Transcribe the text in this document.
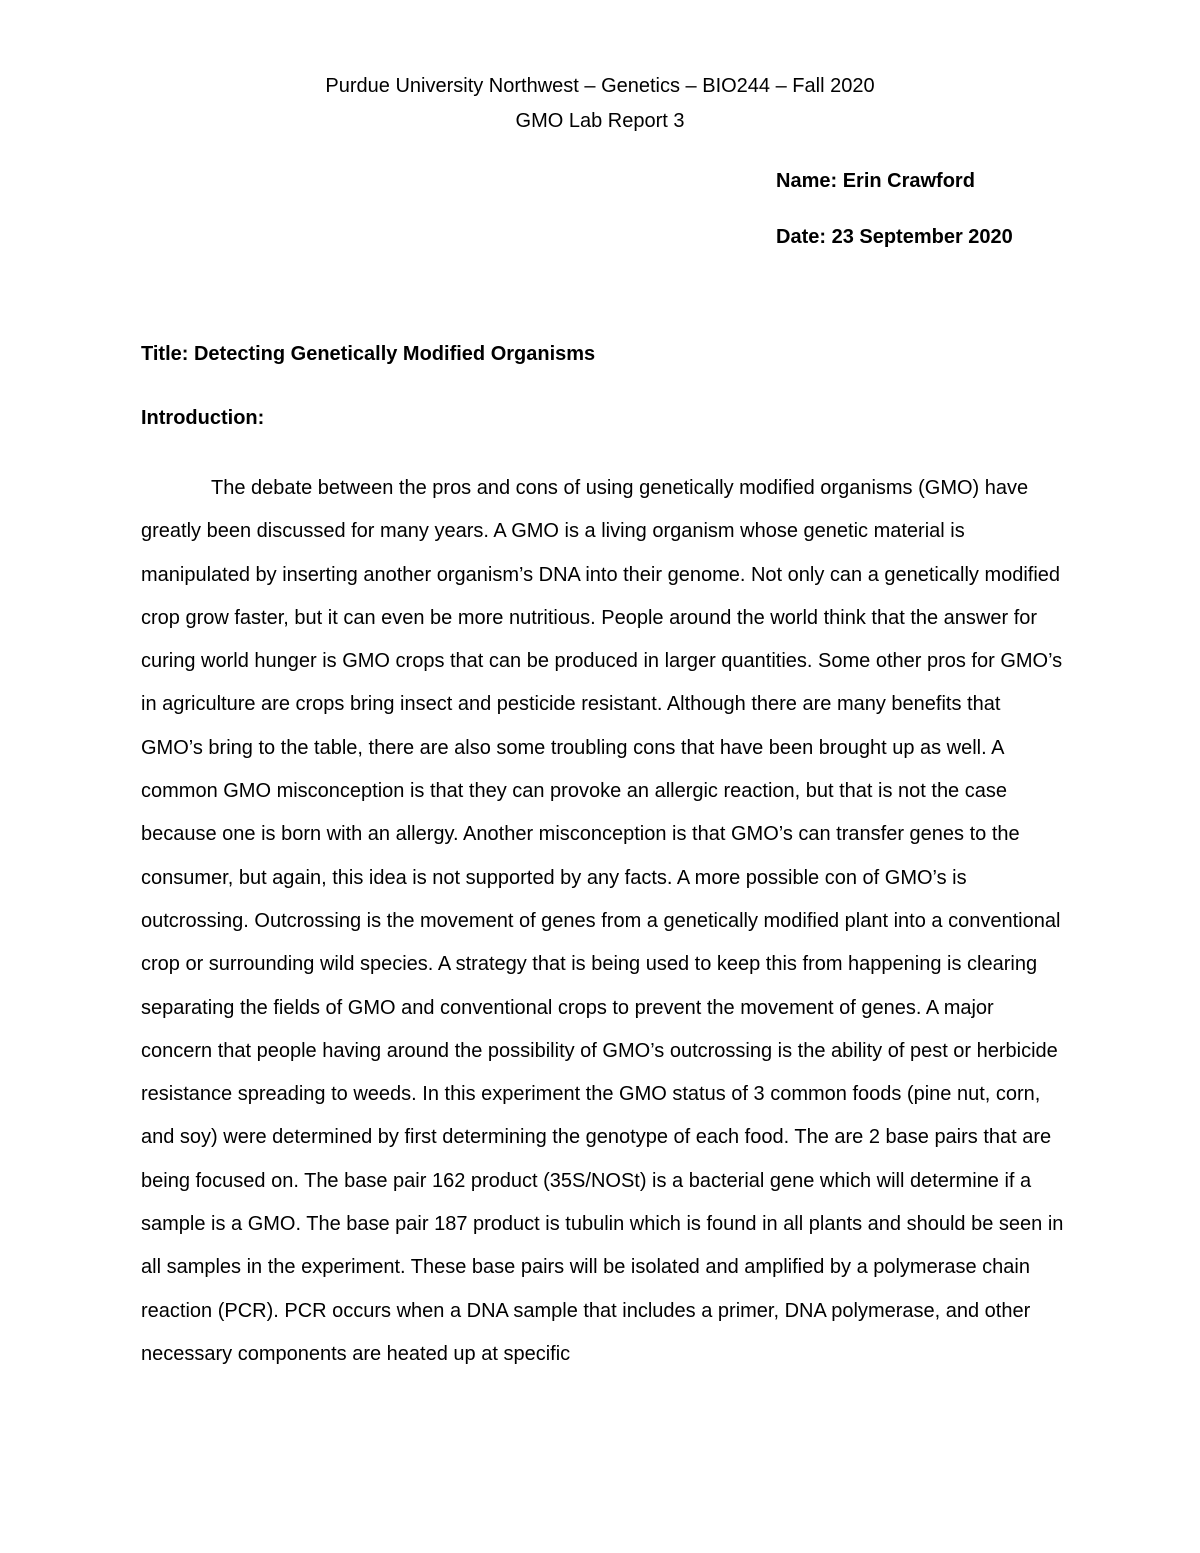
Purdue University Northwest – Genetics – BIO244 – Fall 2020
GMO Lab Report 3
Name: Erin Crawford
Date: 23 September 2020
Title: Detecting Genetically Modified Organisms
Introduction:

The debate between the pros and cons of using genetically modified organisms (GMO) have greatly been discussed for many years. A GMO is a living organism whose genetic material is manipulated by inserting another organism’s DNA into their genome. Not only can a genetically modified crop grow faster, but it can even be more nutritious. People around the world think that the answer for curing world hunger is GMO crops that can be produced in larger quantities. Some other pros for GMO’s in agriculture are crops bring insect and pesticide resistant. Although there are many benefits that GMO’s bring to the table, there are also some troubling cons that have been brought up as well. A common GMO misconception is that they can provoke an allergic reaction, but that is not the case because one is born with an allergy. Another misconception is that GMO’s can transfer genes to the consumer, but again, this idea is not supported by any facts. A more possible con of GMO’s is outcrossing. Outcrossing is the movement of genes from a genetically modified plant into a conventional crop or surrounding wild species. A strategy that is being used to keep this from happening is clearing separating the fields of GMO and conventional crops to prevent the movement of genes. A major concern that people having around the possibility of GMO’s outcrossing is the ability of pest or herbicide resistance spreading to weeds. In this experiment the GMO status of 3 common foods (pine nut, corn, and soy) were determined by first determining the genotype of each food. The are 2 base pairs that are being focused on. The base pair 162 product (35S/NOSt) is a bacterial gene which will determine if a sample is a GMO. The base pair 187 product is tubulin which is found in all plants and should be seen in all samples in the experiment. These base pairs will be isolated and amplified by a polymerase chain reaction (PCR). PCR occurs when a DNA sample that includes a primer, DNA polymerase, and other necessary components are heated up at specific
